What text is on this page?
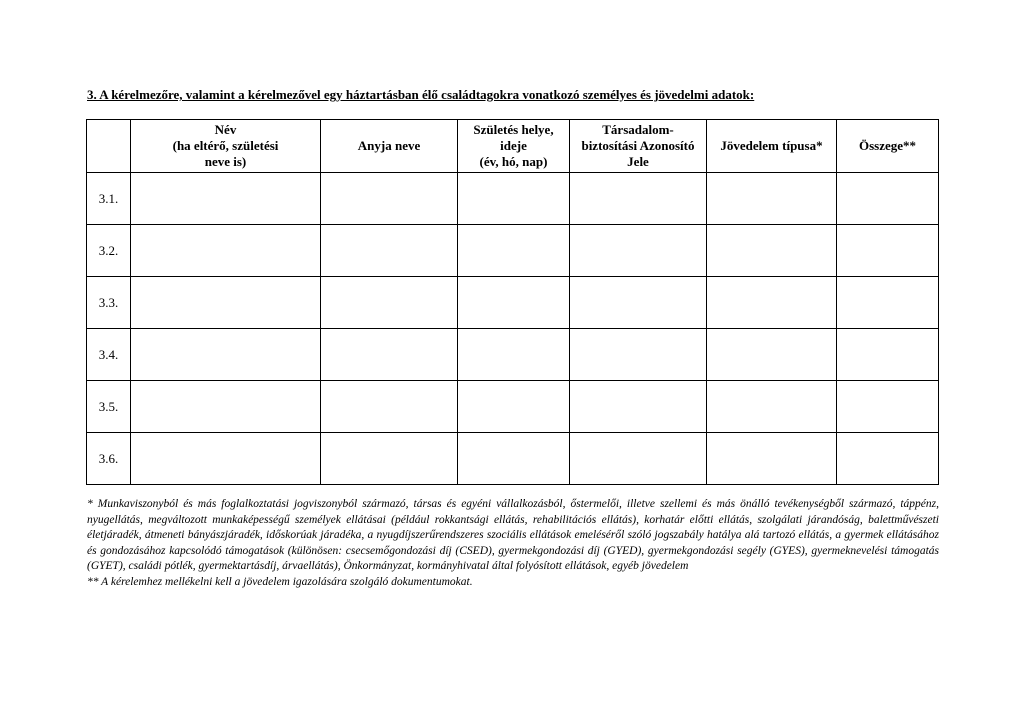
3. A kérelmezőre, valamint a kérelmezővel egy háztartásban élő családtagokra vonatkozó személyes és jövedelmi adatok:

	Név
(ha eltérő, születési
neve is)	Anyja neve	Születés helye,
ideje
(év, hó, nap)	Társadalom-
biztosítási Azonosító
Jele	Jövedelem típusa*	Összege**

3.1.						
3.2.						
3.3.						
3.4.						
3.5.						
3.6.						

* Munkaviszonyból és más foglalkoztatási jogviszonyból származó, társas és egyéni vállalkozásból, őstermelői, illetve szellemi és más önálló tevékenységből származó, táppénz, nyugellátás, megváltozott munkaképességű személyek ellátásai (például rokkantsági ellátás, rehabilitációs ellátás), korhatár előtti ellátás, szolgálati járandóság, balettművészeti életjáradék, átmeneti bányászjáradék, időskorúak járadéka, a nyugdíjszerűrendszeres szociális ellátások emeléséről szóló jogszabály hatálya alá tartozó ellátás, a gyermek ellátásához és gondozásához kapcsolódó támogatások (különösen: csecsemőgondozási díj (CSED), gyermekgondozási díj (GYED), gyermekgondozási segély (GYES), gyermeknevelési támogatás (GYET), családi pótlék, gyermektartásdíj, árvaellátás), Önkormányzat, kormányhivatal által folyósított ellátások, egyéb jövedelem

** A kérelemhez mellékelni kell a jövedelem igazolására szolgáló dokumentumokat.
